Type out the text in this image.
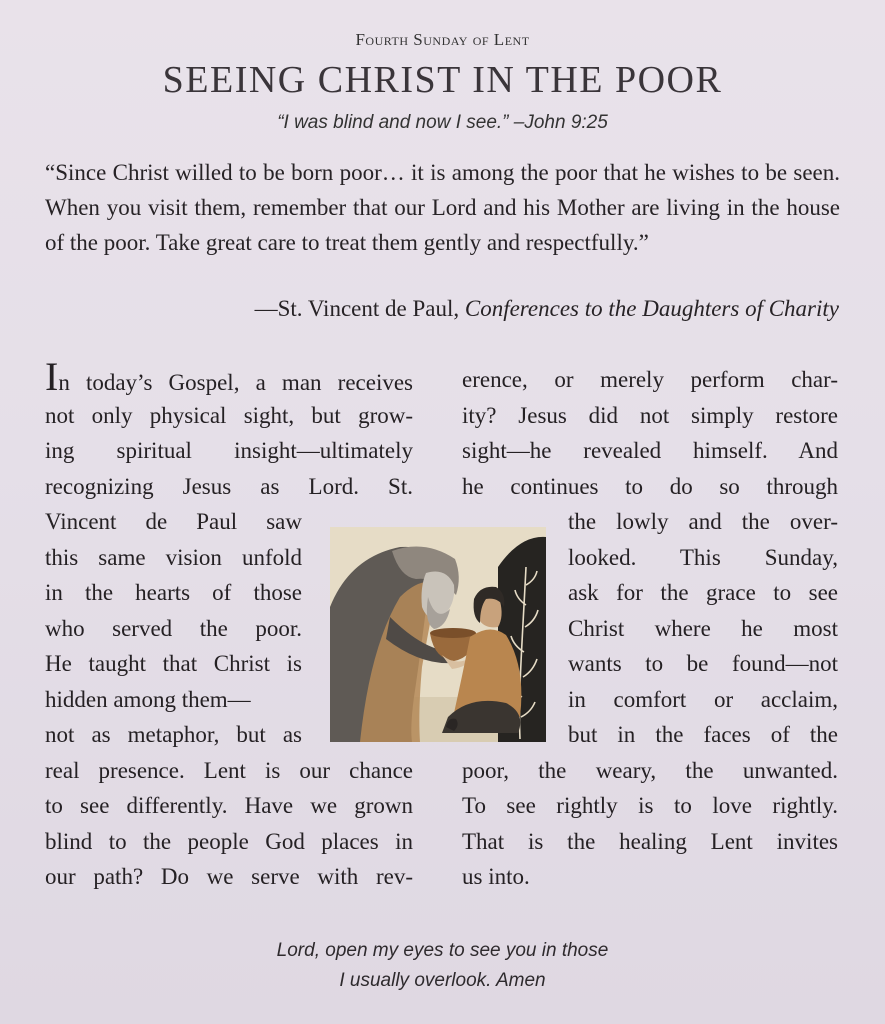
Fourth Sunday of Lent
SEEING CHRIST IN THE POOR
“I was blind and now I see.” –John 9:25
“Since Christ willed to be born poor… it is among the poor that he wishes to be seen. When you visit them, remember that our Lord and his Mother are living in the house of the poor. Take great care to treat them gently and respectfully.”
—St. Vincent de Paul, Conferences to the Daughters of Charity
In today’s Gospel, a man receives
not only physical sight, but grow-
ing spiritual insight—ultimately
recognizing Jesus as Lord. St.
Vincent de Paul saw
this same vision unfold
in the hearts of those
who served the poor.
He taught that Christ is
hidden among them—
not as metaphor, but as
real presence. Lent is our chance
to see differently. Have we grown
blind to the people God places in
our path? Do we serve with rev-
erence, or merely perform char-
ity? Jesus did not simply restore
sight—he revealed himself. And
he continues to do so through
the lowly and the over-
looked. This Sunday,
ask for the grace to see
Christ where he most
wants to be found—not
in comfort or acclaim,
but in the faces of the
poor, the weary, the unwanted.
To see rightly is to love rightly.
That is the healing Lent invites
us into.
Lord, open my eyes to see you in those
I usually overlook. Amen
